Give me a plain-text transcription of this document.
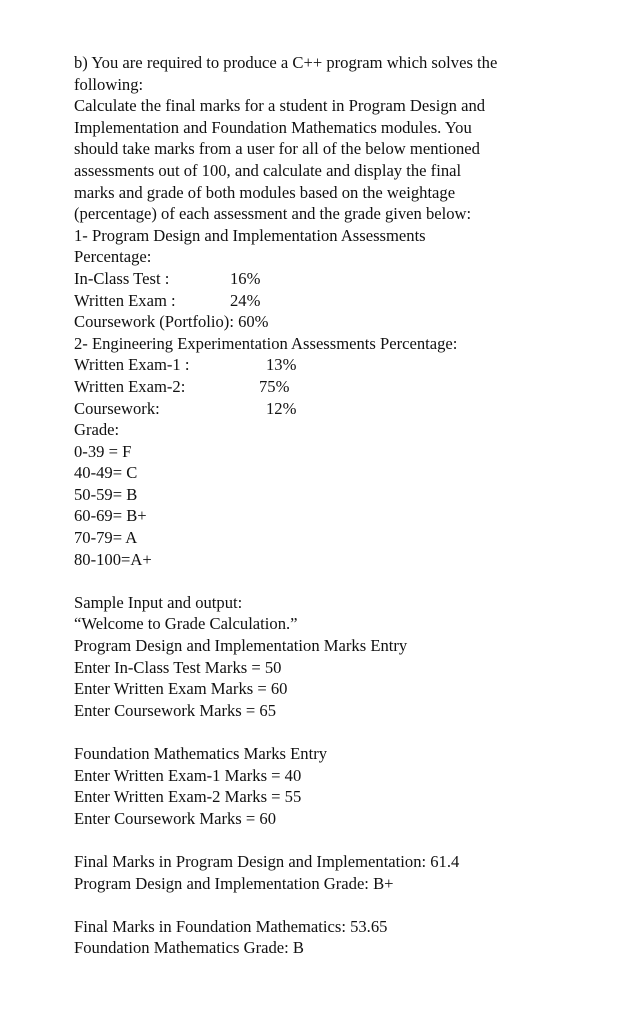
b) You are required to produce a C++ program which solves the
following:
Calculate the final marks for a student in Program Design and
Implementation and Foundation Mathematics modules. You
should take marks from a user for all of the below mentioned
assessments out of 100, and calculate and display the final
marks and grade of both modules based on the weightage
(percentage) of each assessment and the grade given below:
1- Program Design and Implementation Assessments
Percentage:
In-Class Test :	16%
Written Exam :	24%
Coursework (Portfolio): 60%
2- Engineering Experimentation Assessments Percentage:
Written Exam-1 :	13%
Written Exam-2:	75%
Coursework:	12%
Grade:
0-39 = F
40-49= C
50-59= B
60-69= B+
70-79= A
80-100=A+
Sample Input and output:
“Welcome to Grade Calculation.”
Program Design and Implementation Marks Entry
Enter In-Class Test Marks = 50
Enter Written Exam Marks = 60
Enter Coursework Marks = 65
Foundation Mathematics Marks Entry
Enter Written Exam-1 Marks = 40
Enter Written Exam-2 Marks = 55
Enter Coursework Marks = 60
Final Marks in Program Design and Implementation: 61.4
Program Design and Implementation Grade: B+
Final Marks in Foundation Mathematics: 53.65
Foundation Mathematics Grade: B
